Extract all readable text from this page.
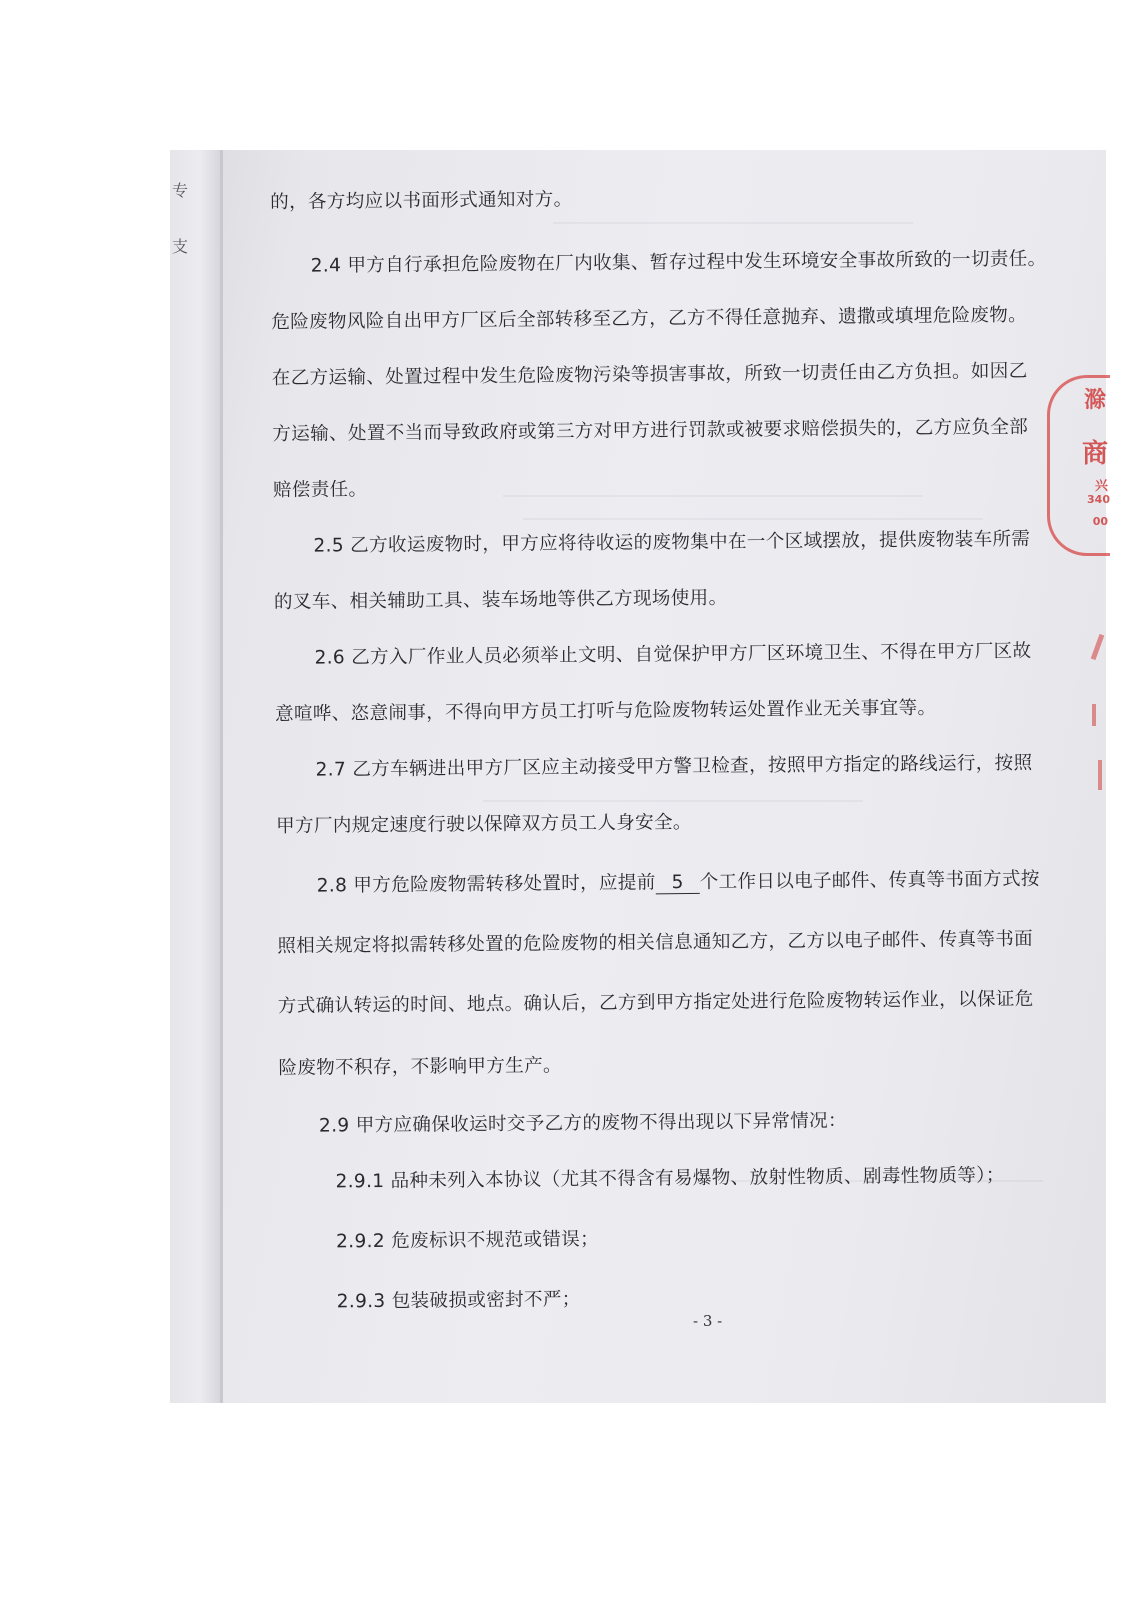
专
支
的，各方均应以书面形式通知对方。
2.4 甲方自行承担危险废物在厂内收集、暂存过程中发生环境安全事故所致的一切责任。
危险废物风险自出甲方厂区后全部转移至乙方，乙方不得任意抛弃、遗撒或填埋危险废物。
在乙方运输、处置过程中发生危险废物污染等损害事故，所致一切责任由乙方负担。如因乙
方运输、处置不当而导致政府或第三方对甲方进行罚款或被要求赔偿损失的，乙方应负全部
赔偿责任。
2.5 乙方收运废物时，甲方应将待收运的废物集中在一个区域摆放，提供废物装车所需
的叉车、相关辅助工具、装车场地等供乙方现场使用。
2.6 乙方入厂作业人员必须举止文明、自觉保护甲方厂区环境卫生、不得在甲方厂区故
意喧哗、恣意闹事，不得向甲方员工打听与危险废物转运处置作业无关事宜等。
2.7 乙方车辆进出甲方厂区应主动接受甲方警卫检查，按照甲方指定的路线运行，按照
甲方厂内规定速度行驶以保障双方员工人身安全。
2.8 甲方危险废物需转移处置时，应提前 5 个工作日以电子邮件、传真等书面方式按
照相关规定将拟需转移处置的危险废物的相关信息通知乙方，乙方以电子邮件、传真等书面
方式确认转运的时间、地点。确认后，乙方到甲方指定处进行危险废物转运作业，以保证危
险废物不积存，不影响甲方生产。
2.9 甲方应确保收运时交予乙方的废物不得出现以下异常情况：
2.9.1 品种未列入本协议（尤其不得含有易爆物、放射性物质、剧毒性物质等）；
2.9.2 危废标识不规范或错误；
2.9.3 包装破损或密封不严；
- 3 -
滁
商
兴
340
00
